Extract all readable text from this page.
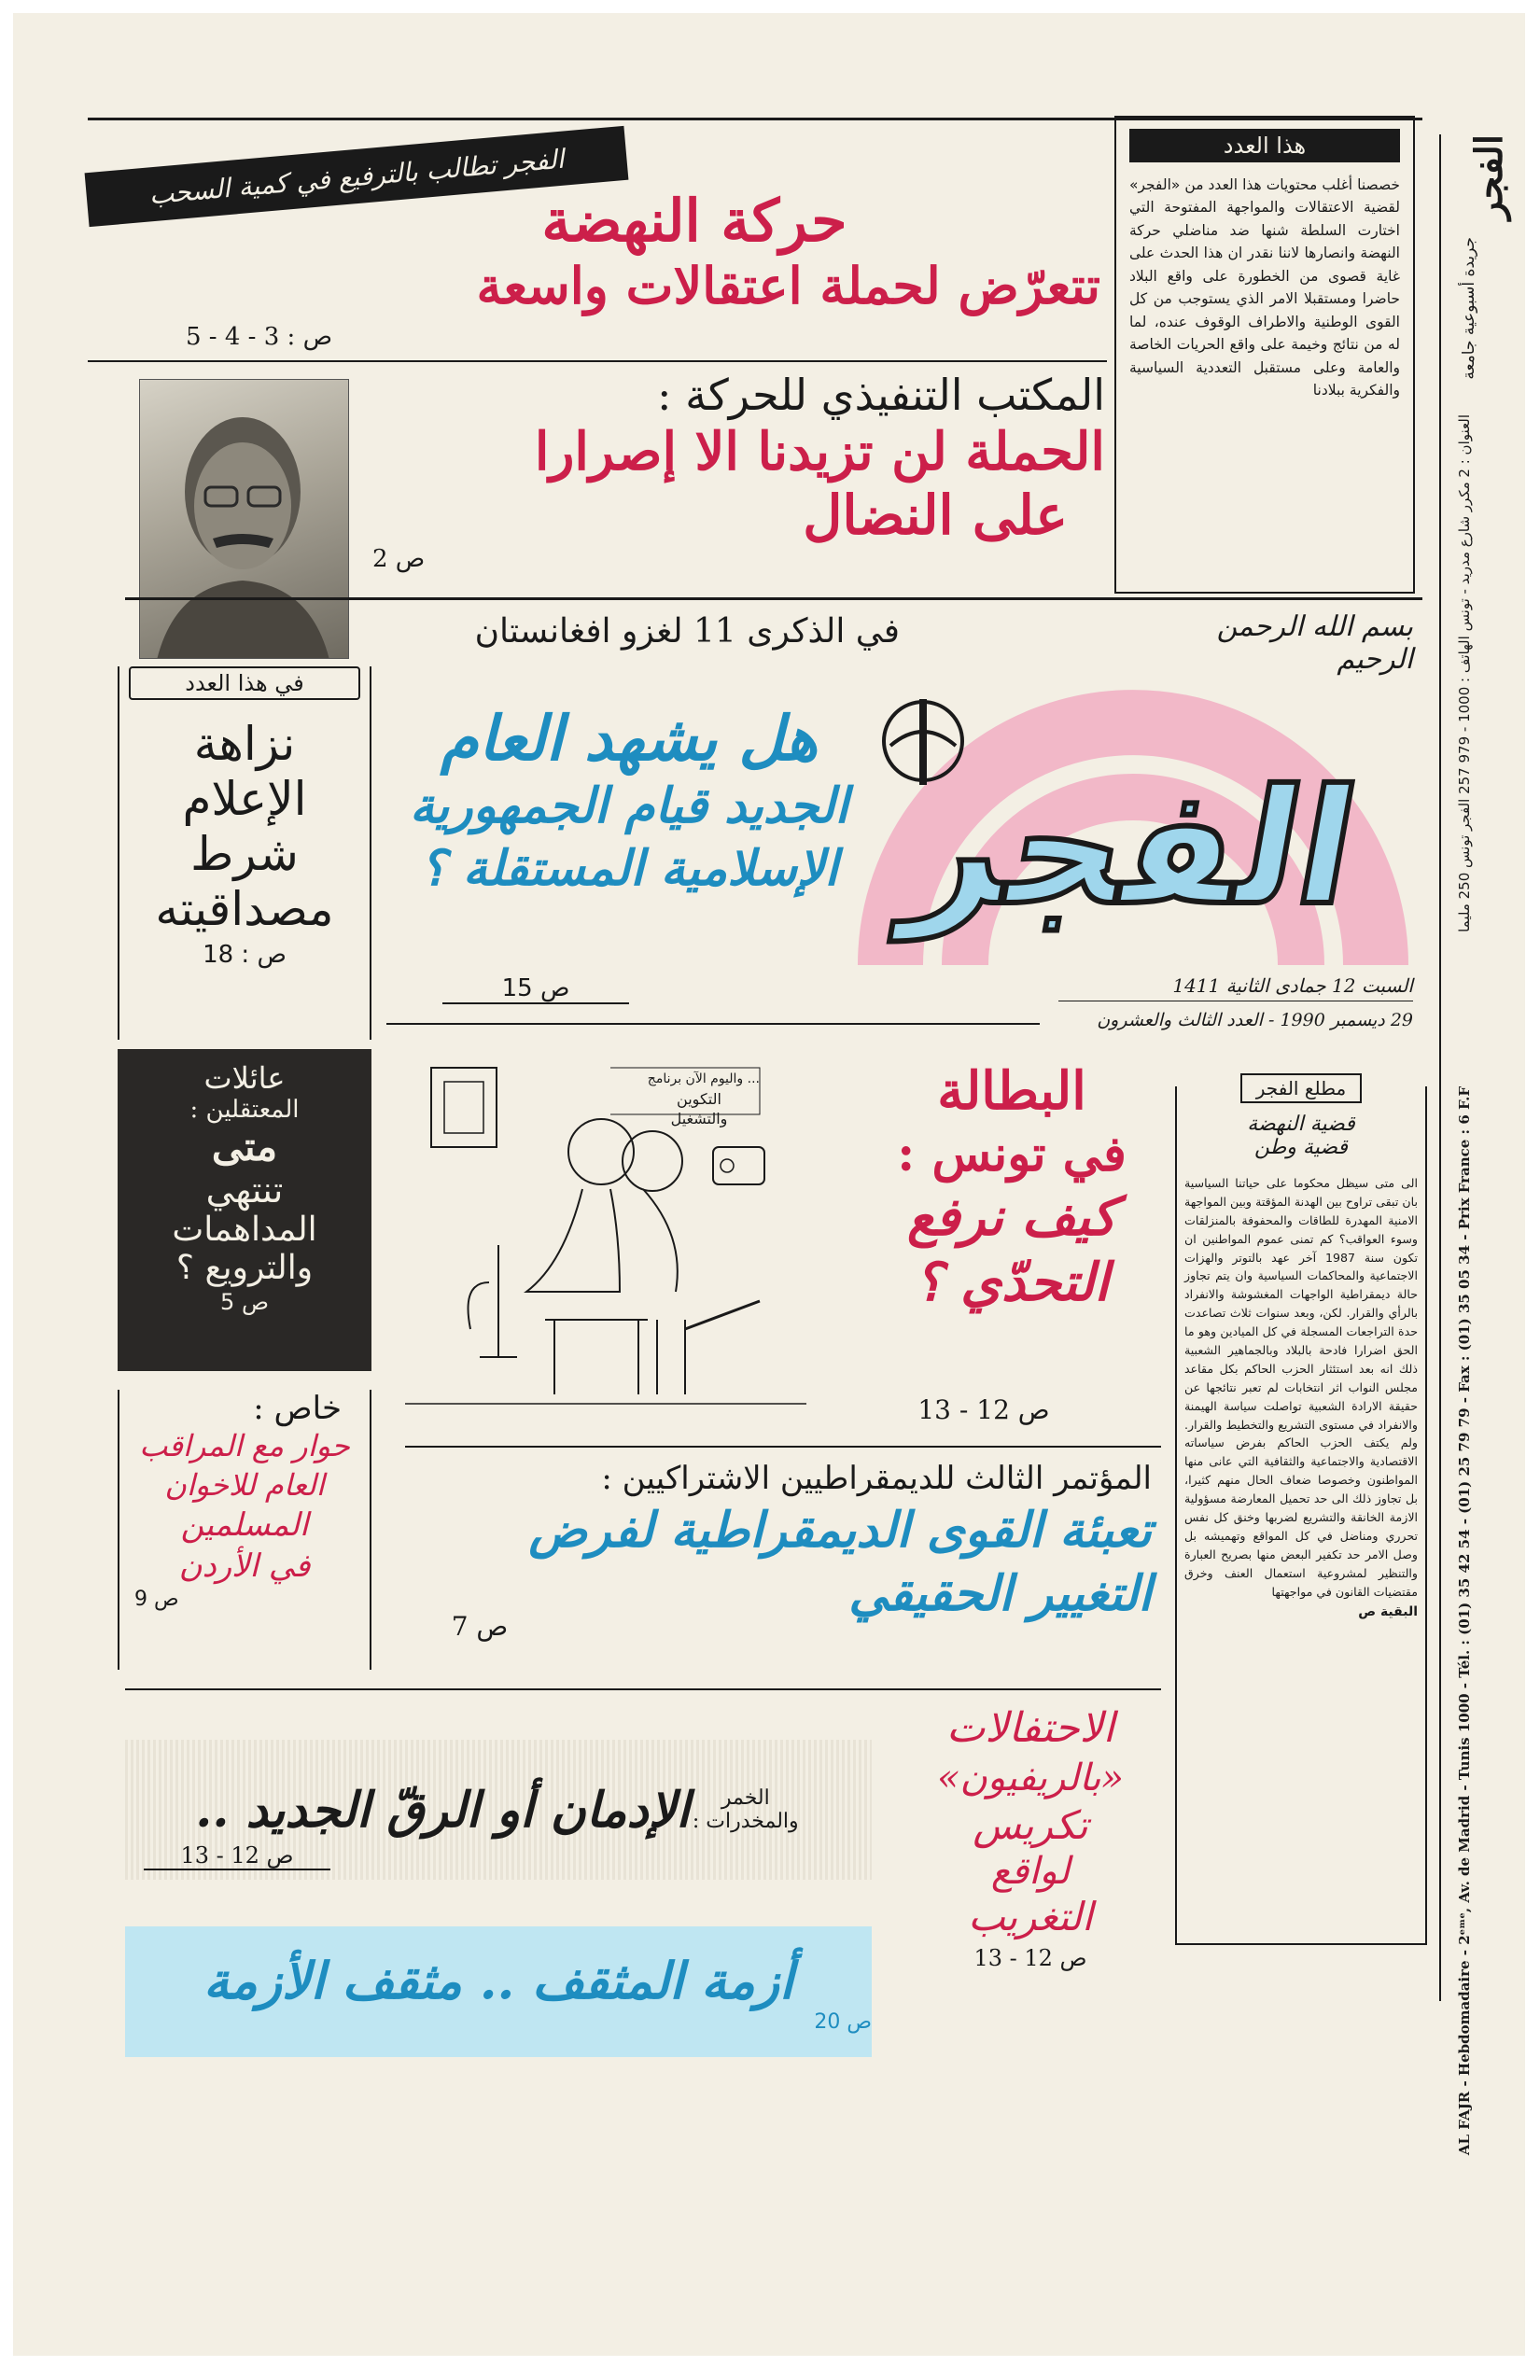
الفجر
جريدة أسبوعية جامعة
العنوان : 2 مكرر شارع مدريد - تونس الهاتف : 1000 - 979 257 الفجر تونس 250 مليما
AL FAJR - Hebdomadaire - 2ᵉᵐᵉ, Av. de Madrid - Tunis 1000 - Tél. : (01) 35 42 54 - (01) 25 79 79 - Fax : (01) 35 05 34 - Prix France : 6 F.F
هذا العدد
خصصنا أغلب محتويات هذا العدد من «الفجر» لقضية الاعتقالات والمواجهة المفتوحة التي اختارت السلطة شنها ضد مناضلي حركة النهضة وانصارها لاننا نقدر ان هذا الحدث على غاية قصوى من الخطورة على واقع البلاد حاضرا ومستقبلا الامر الذي يستوجب من كل القوى الوطنية والاطراف الوقوف عنده، لما له من نتائج وخيمة على واقع الحريات الخاصة والعامة وعلى مستقبل التعددية السياسية والفكرية ببلادنا
الفجر تطالب بالترفيع في كمية السحب
حركة النهضة
تتعرّض لحملة اعتقالات واسعة
ص : 3 - 4 - 5
المكتب التنفيذي للحركة :
الحملة لن تزيدنا الا إصرارا
على النضال
ص 2
في الذكرى 11 لغزو افغانستان	بسم الله الرحمن الرحيم
الفجر
السبت 12 جمادى الثانية 1411
29 ديسمبر 1990 - العدد الثالث والعشرون
في هذا العدد
نزاهة
الإعلام
شرط
مصداقيته
ص : 18
هل يشهد العام
الجديد قيام الجمهورية
الإسلامية المستقلة ؟
ص 15
عائلات
المعتقلين :
متى
تنتهي
المداهمات
والترويع ؟
ص 5
... واليوم الآن برنامج
التكوين والتشغيل	البطالة
في تونس :
كيف نرفع
التحدّي ؟
ص 12 - 13
مطلع الفجر
قضية النهضة
قضية وطن
الى متى سيظل محكوما على حياتنا السياسية بان تبقى تراوح بين الهدنة المؤقتة وبين المواجهة الامنية المهدرة للطاقات والمحفوفة بالمنزلقات وسوء العواقب؟ كم تمنى عموم المواطنين ان تكون سنة 1987 آخر عهد بالتوتر والهزات الاجتماعية والمحاكمات السياسية وان يتم تجاوز حالة ديمقراطية الواجهات المغشوشة والانفراد بالرأي والقرار. لكن، وبعد سنوات ثلاث تصاعدت حدة التراجعات المسجلة في كل الميادين وهو ما الحق اضرارا فادحة بالبلاد وبالجماهير الشعبية ذلك انه بعد استئثار الحزب الحاكم بكل مقاعد مجلس النواب اثر انتخابات لم تعبر نتائجها عن حقيقة الارادة الشعبية تواصلت سياسة الهيمنة والانفراد في مستوى التشريع والتخطيط والقرار. ولم يكتف الحزب الحاكم بفرض سياساته الاقتصادية والاجتماعية والثقافية التي عانى منها المواطنون وخصوصا ضعاف الحال منهم كثيرا، بل تجاوز ذلك الى حد تحميل المعارضة مسؤولية الازمة الخانقة والتشريع لضربها وخنق كل نفس تحرري ومناضل في كل المواقع وتهميشه بل وصل الامر حد تكفير البعض منها بصريح العبارة والتنظير لمشروعية استعمال العنف وخرق مقتضيات القانون في مواجهتها
البقية ص
خاص :
حوار مع المراقب
العام للاخوان
المسلمين
في الأردن
ص 9
المؤتمر الثالث للديمقراطيين الاشتراكيين :
تعبئة القوى الديمقراطية لفرض
التغيير الحقيقي
ص 7
الاحتفالات
«بالريفيون»
تكريس
لواقع
التغريب
ص 12 - 13
الخمر والمخدرات :
الإدمان أو الرقّ الجديد ..
ص 12 - 13
أزمة المثقف .. مثقف الأزمة
ص 20
